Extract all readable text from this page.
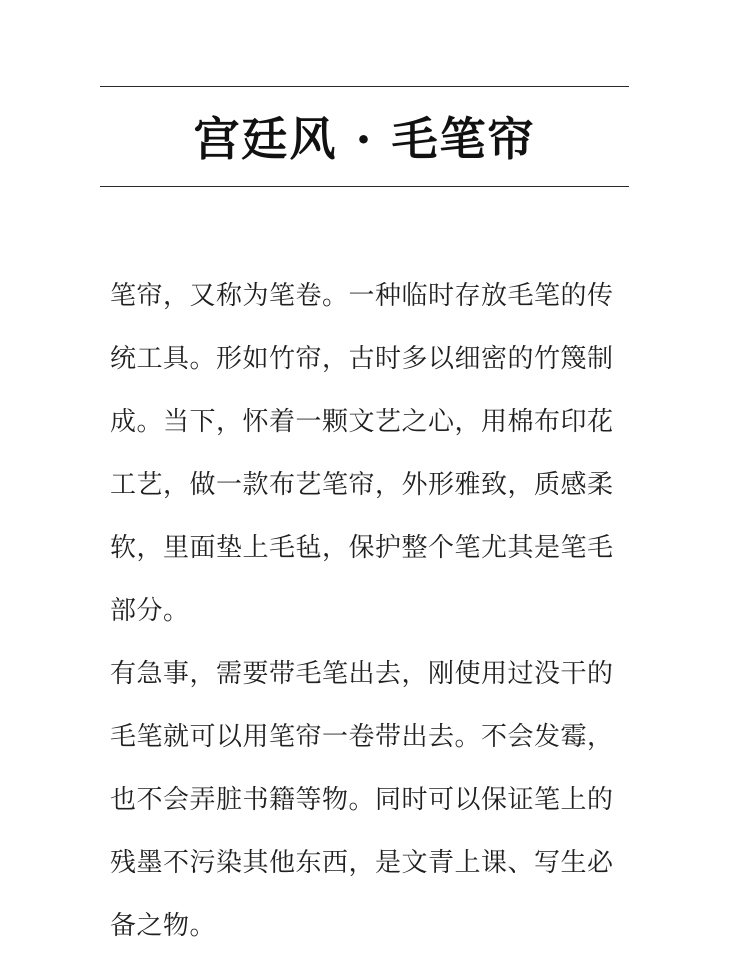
宫廷风 · 毛笔帘
笔帘，又称为笔卷。一种临时存放毛笔的传
统工具。形如竹帘，古时多以细密的竹篾制
成。当下，怀着一颗文艺之心，用棉布印花
工艺，做一款布艺笔帘，外形雅致，质感柔
软，里面垫上毛毡，保护整个笔尤其是笔毛
部分。
有急事，需要带毛笔出去，刚使用过没干的
毛笔就可以用笔帘一卷带出去。不会发霉，
也不会弄脏书籍等物。同时可以保证笔上的
残墨不污染其他东西，是文青上课、写生必
备之物。
